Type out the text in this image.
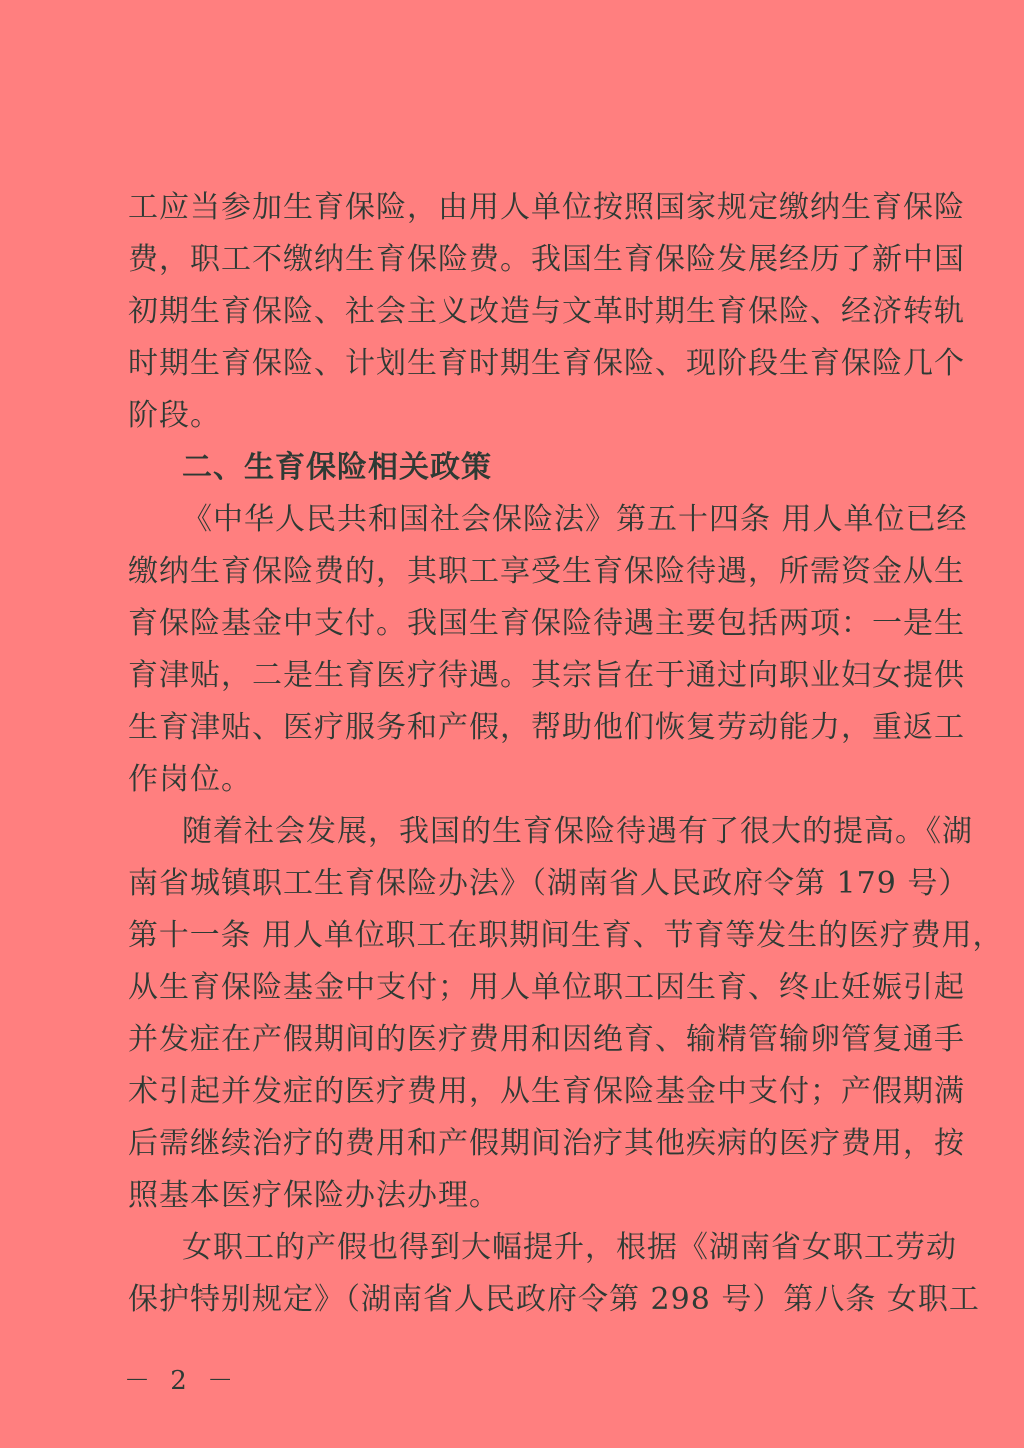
工应当参加生育保险，由用人单位按照国家规定缴纳生育保险
费，职工不缴纳生育保险费。我国生育保险发展经历了新中国
初期生育保险、社会主义改造与文革时期生育保险、经济转轨
时期生育保险、计划生育时期生育保险、现阶段生育保险几个
阶段。
二、生育保险相关政策
《中华人民共和国社会保险法》第五十四条 用人单位已经
缴纳生育保险费的，其职工享受生育保险待遇，所需资金从生
育保险基金中支付。我国生育保险待遇主要包括两项：一是生
育津贴，二是生育医疗待遇。其宗旨在于通过向职业妇女提供
生育津贴、医疗服务和产假，帮助他们恢复劳动能力，重返工
作岗位。
随着社会发展，我国的生育保险待遇有了很大的提高。《湖
南省城镇职工生育保险办法》（湖南省人民政府令第 179 号）
第十一条 用人单位职工在职期间生育、节育等发生的医疗费用，
从生育保险基金中支付；用人单位职工因生育、终止妊娠引起
并发症在产假期间的医疗费用和因绝育、输精管输卵管复通手
术引起并发症的医疗费用，从生育保险基金中支付；产假期满
后需继续治疗的费用和产假期间治疗其他疾病的医疗费用，按
照基本医疗保险办法办理。
女职工的产假也得到大幅提升，根据《湖南省女职工劳动
保护特别规定》（湖南省人民政府令第 298 号）第八条 女职工
－ 2 －
